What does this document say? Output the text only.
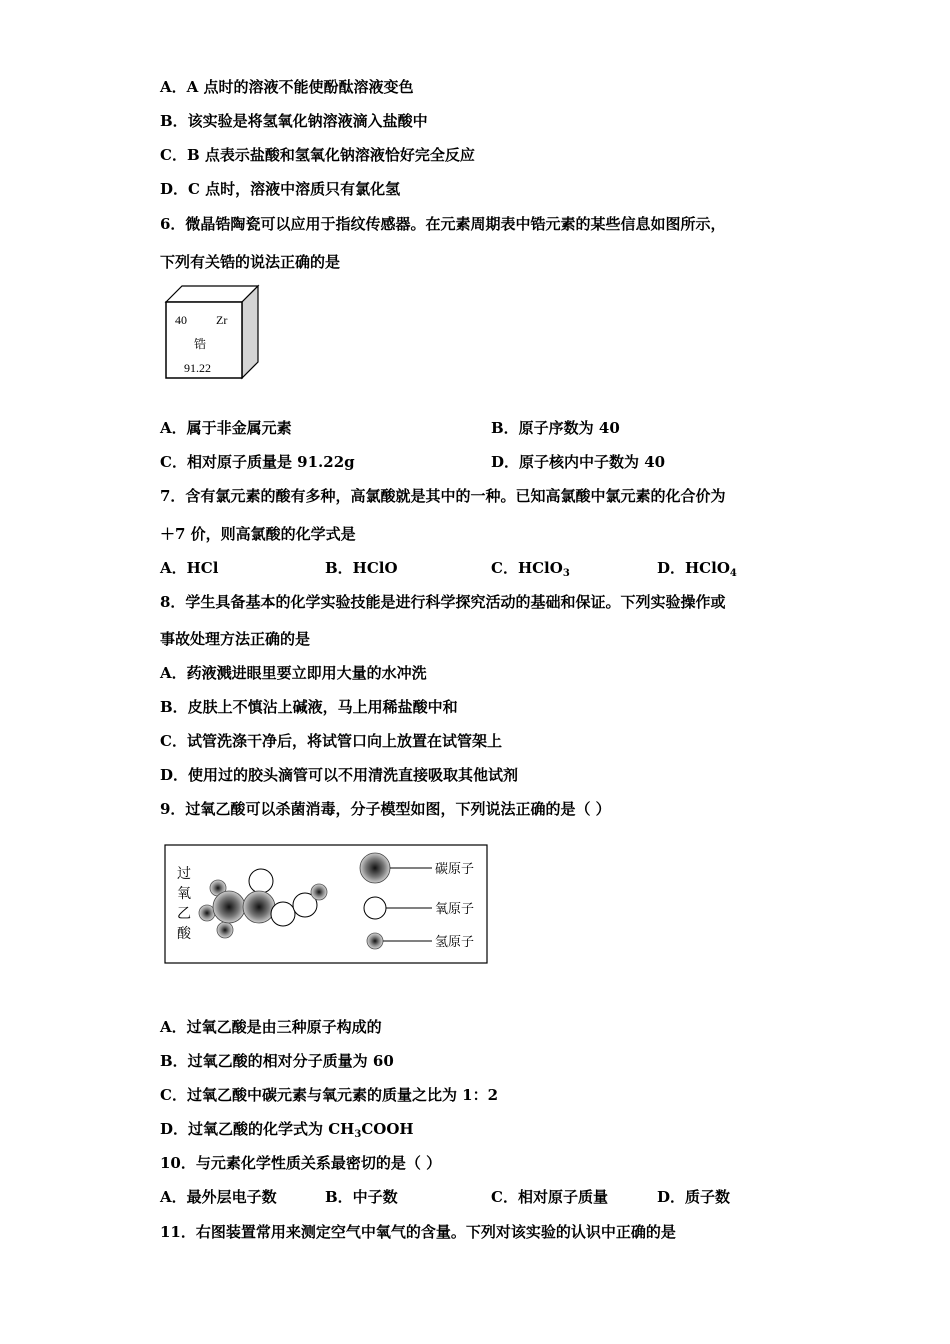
A．A 点时的溶液不能使酚酞溶液变色
B．该实验是将氢氧化钠溶液滴入盐酸中
C．B 点表示盐酸和氢氧化钠溶液恰好完全反应
D．C 点时，溶液中溶质只有氯化氢
6．微晶锆陶瓷可以应用于指纹传感器。在元素周期表中锆元素的某些信息如图所示，
下列有关锆的说法正确的是
40 Zr
锆
91.22
A．属于非金属元素	B．原子序数为 40
C．相对原子质量是 91.22g	D．原子核内中子数为 40
7．含有氯元素的酸有多种，高氯酸就是其中的一种。已知高氯酸中氯元素的化合价为
＋7 价，则高氯酸的化学式是
A．HCl	B．HClO	C．HClO$_3$	D．HClO$_4$
8．学生具备基本的化学实验技能是进行科学探究活动的基础和保证。下列实验操作或
事故处理方法正确的是
A．药液溅进眼里要立即用大量的水冲洗
B．皮肤上不慎沾上碱液，马上用稀盐酸中和
C．试管洗涤干净后，将试管口向上放置在试管架上
D．使用过的胶头滴管可以不用清洗直接吸取其他试剂
9．过氧乙酸可以杀菌消毒，分子模型如图，下列说法正确的是（ ）
过
氧
乙
酸
碳原子
氧原子
氢原子
A．过氧乙酸是由三种原子构成的
B．过氧乙酸的相对分子质量为 60
C．过氧乙酸中碳元素与氧元素的质量之比为 1：2
D．过氧乙酸的化学式为 $CH_3COOH$
10．与元素化学性质关系最密切的是（ ）
A．最外层电子数	B．中子数	C．相对原子质量	D．质子数
11．右图装置常用来测定空气中氧气的含量。下列对该实验的认识中正确的是
